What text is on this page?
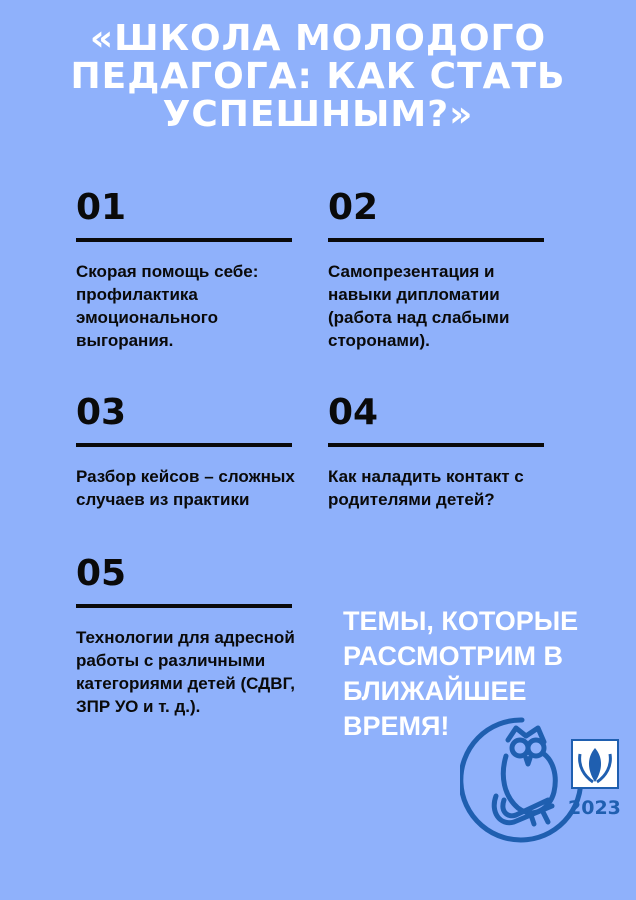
«ШКОЛА МОЛОДОГО
ПЕДАГОГА: КАК СТАТЬ
УСПЕШНЫМ?»
01
Скорая помощь себе: профилактика эмоционального выгорания.
02
Самопрезентация и навыки дипломатии (работа над слабыми сторонами).
03
Разбор кейсов – сложных случаев из практики
04
Как наладить контакт с родителями детей?
05
Технологии для адресной работы с различными категориями детей (СДВГ, ЗПР УО и т. д.).
ТЕМЫ, КОТОРЫЕ
РАССМОТРИМ В
БЛИЖАЙШЕЕ
ВРЕМЯ!
2023
